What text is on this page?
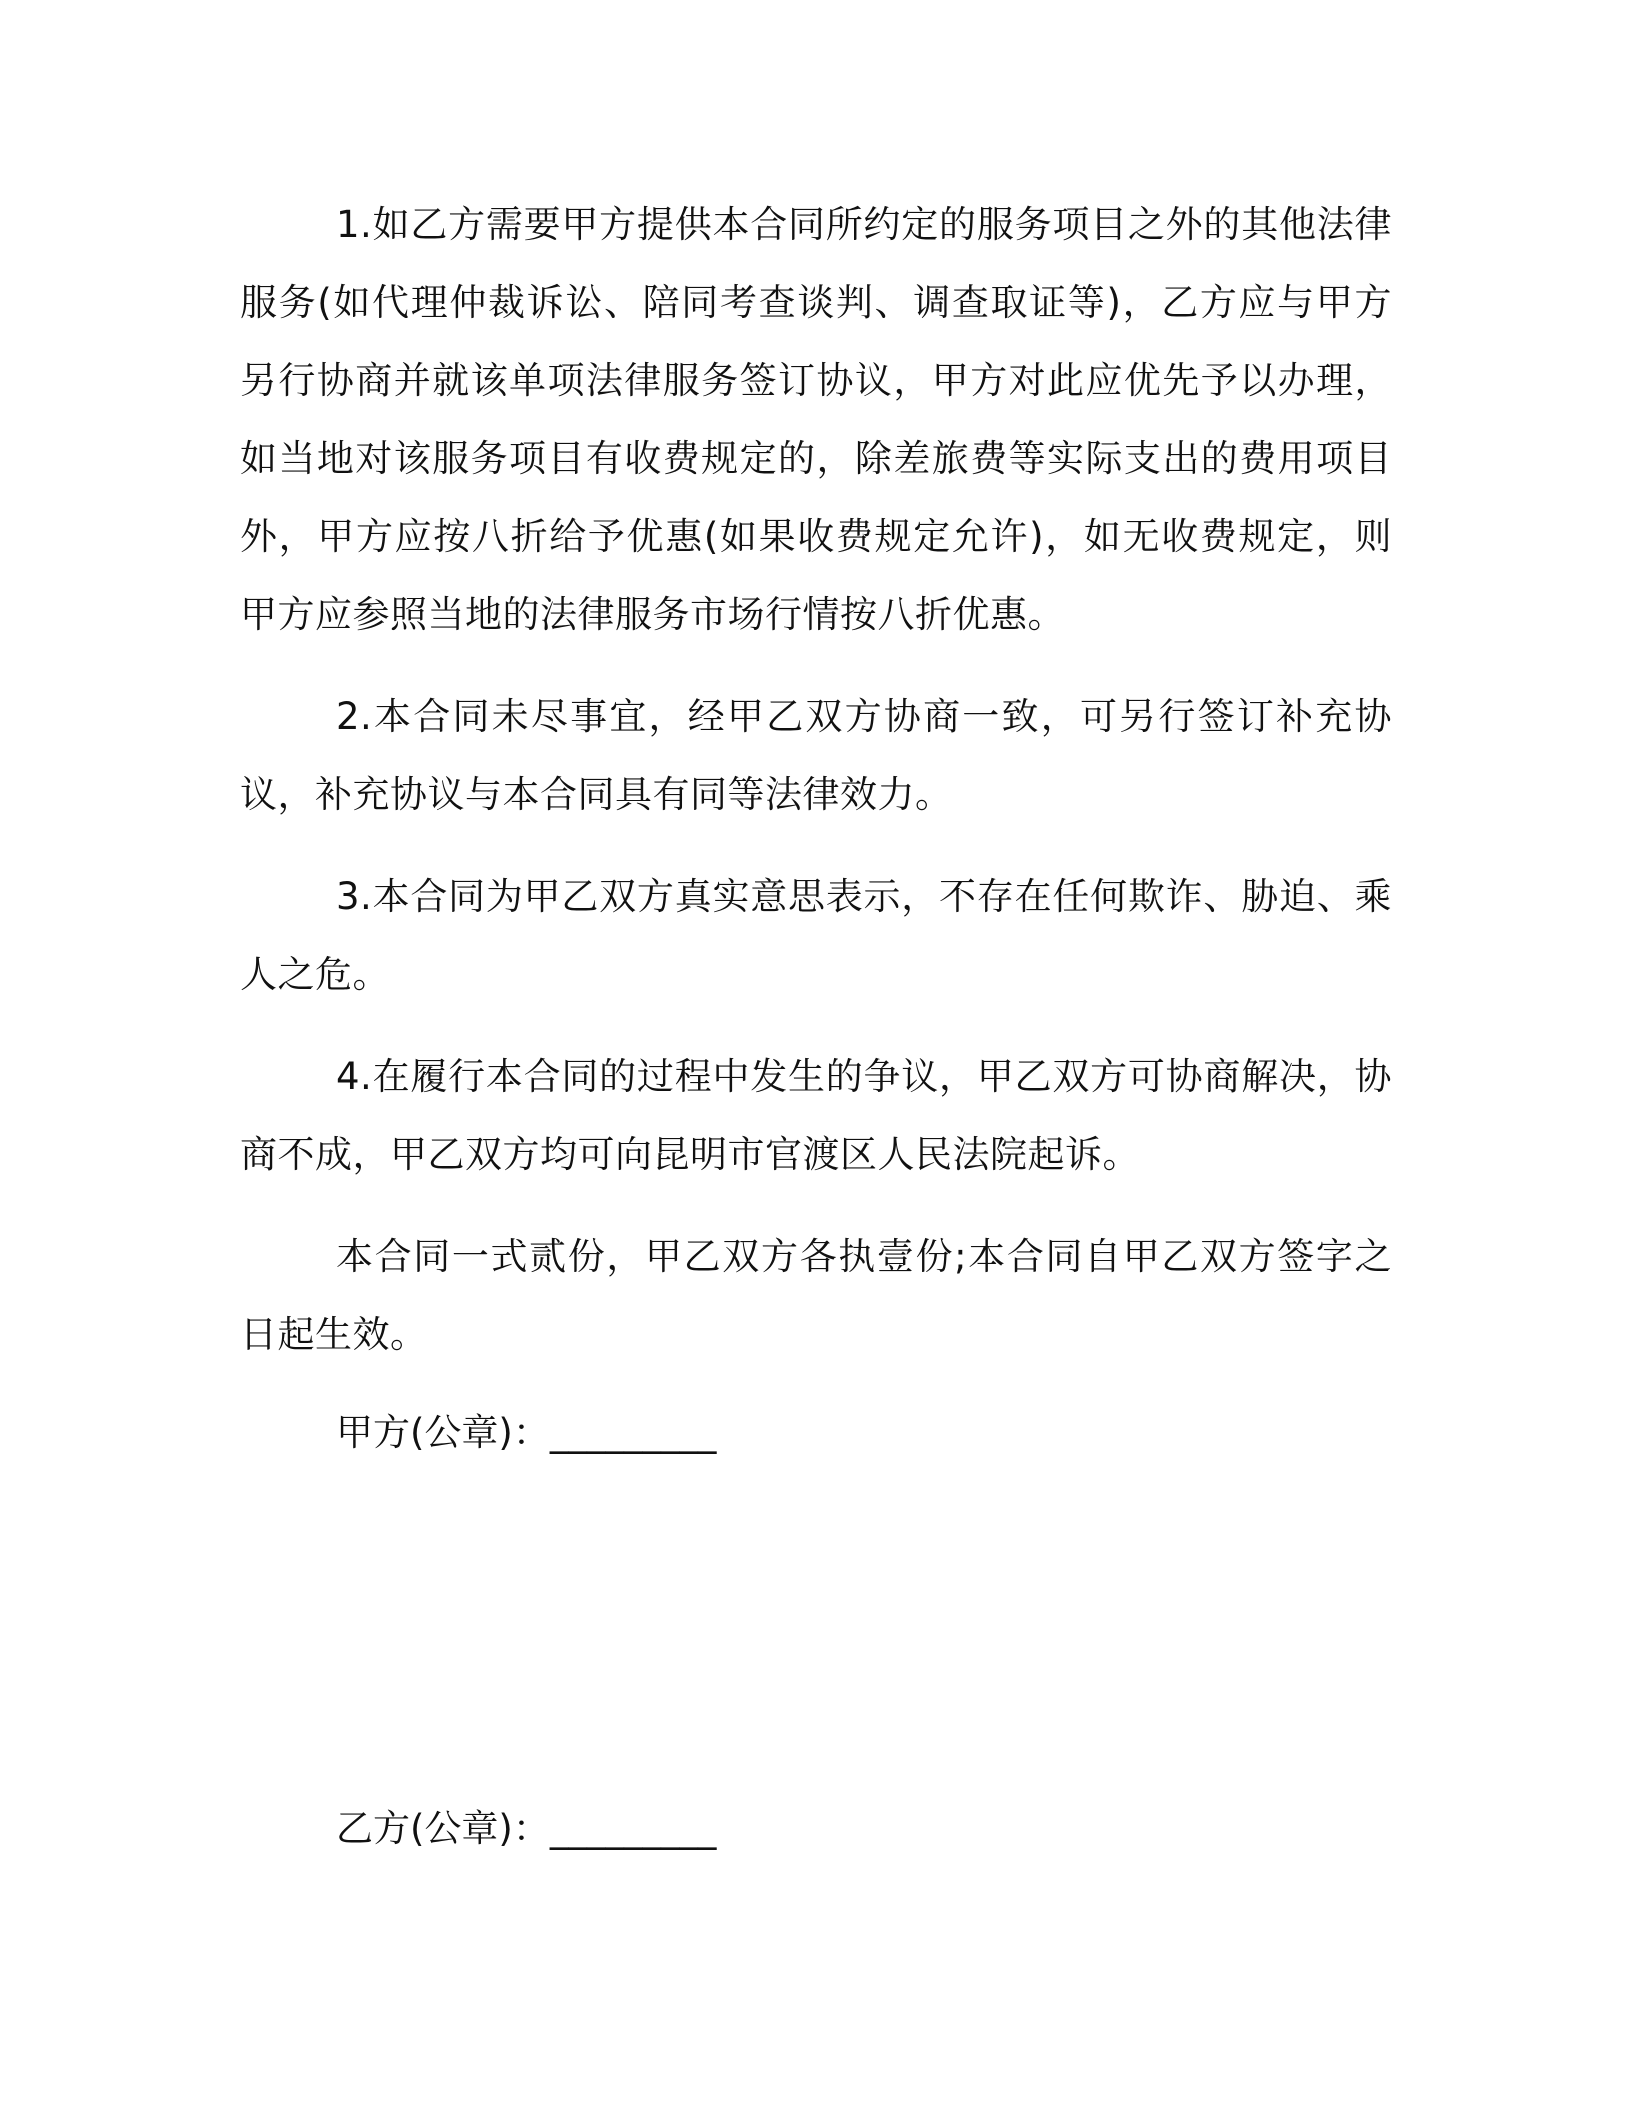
1.如乙方需要甲方提供本合同所约定的服务项目之外的其他法律服务(如代理仲裁诉讼、陪同考查谈判、调查取证等)，乙方应与甲方另行协商并就该单项法律服务签订协议，甲方对此应优先予以办理，如当地对该服务项目有收费规定的，除差旅费等实际支出的费用项目外，甲方应按八折给予优惠(如果收费规定允许)，如无收费规定，则甲方应参照当地的法律服务市场行情按八折优惠。

2.本合同未尽事宜，经甲乙双方协商一致，可另行签订补充协议，补充协议与本合同具有同等法律效力。

3.本合同为甲乙双方真实意思表示，不存在任何欺诈、胁迫、乘人之危。

4.在履行本合同的过程中发生的争议，甲乙双方可协商解决，协商不成，甲乙双方均可向昆明市官渡区人民法院起诉。

本合同一式贰份，甲乙双方各执壹份;本合同自甲乙双方签字之日起生效。

甲方(公章)：_________

乙方(公章)：_________
